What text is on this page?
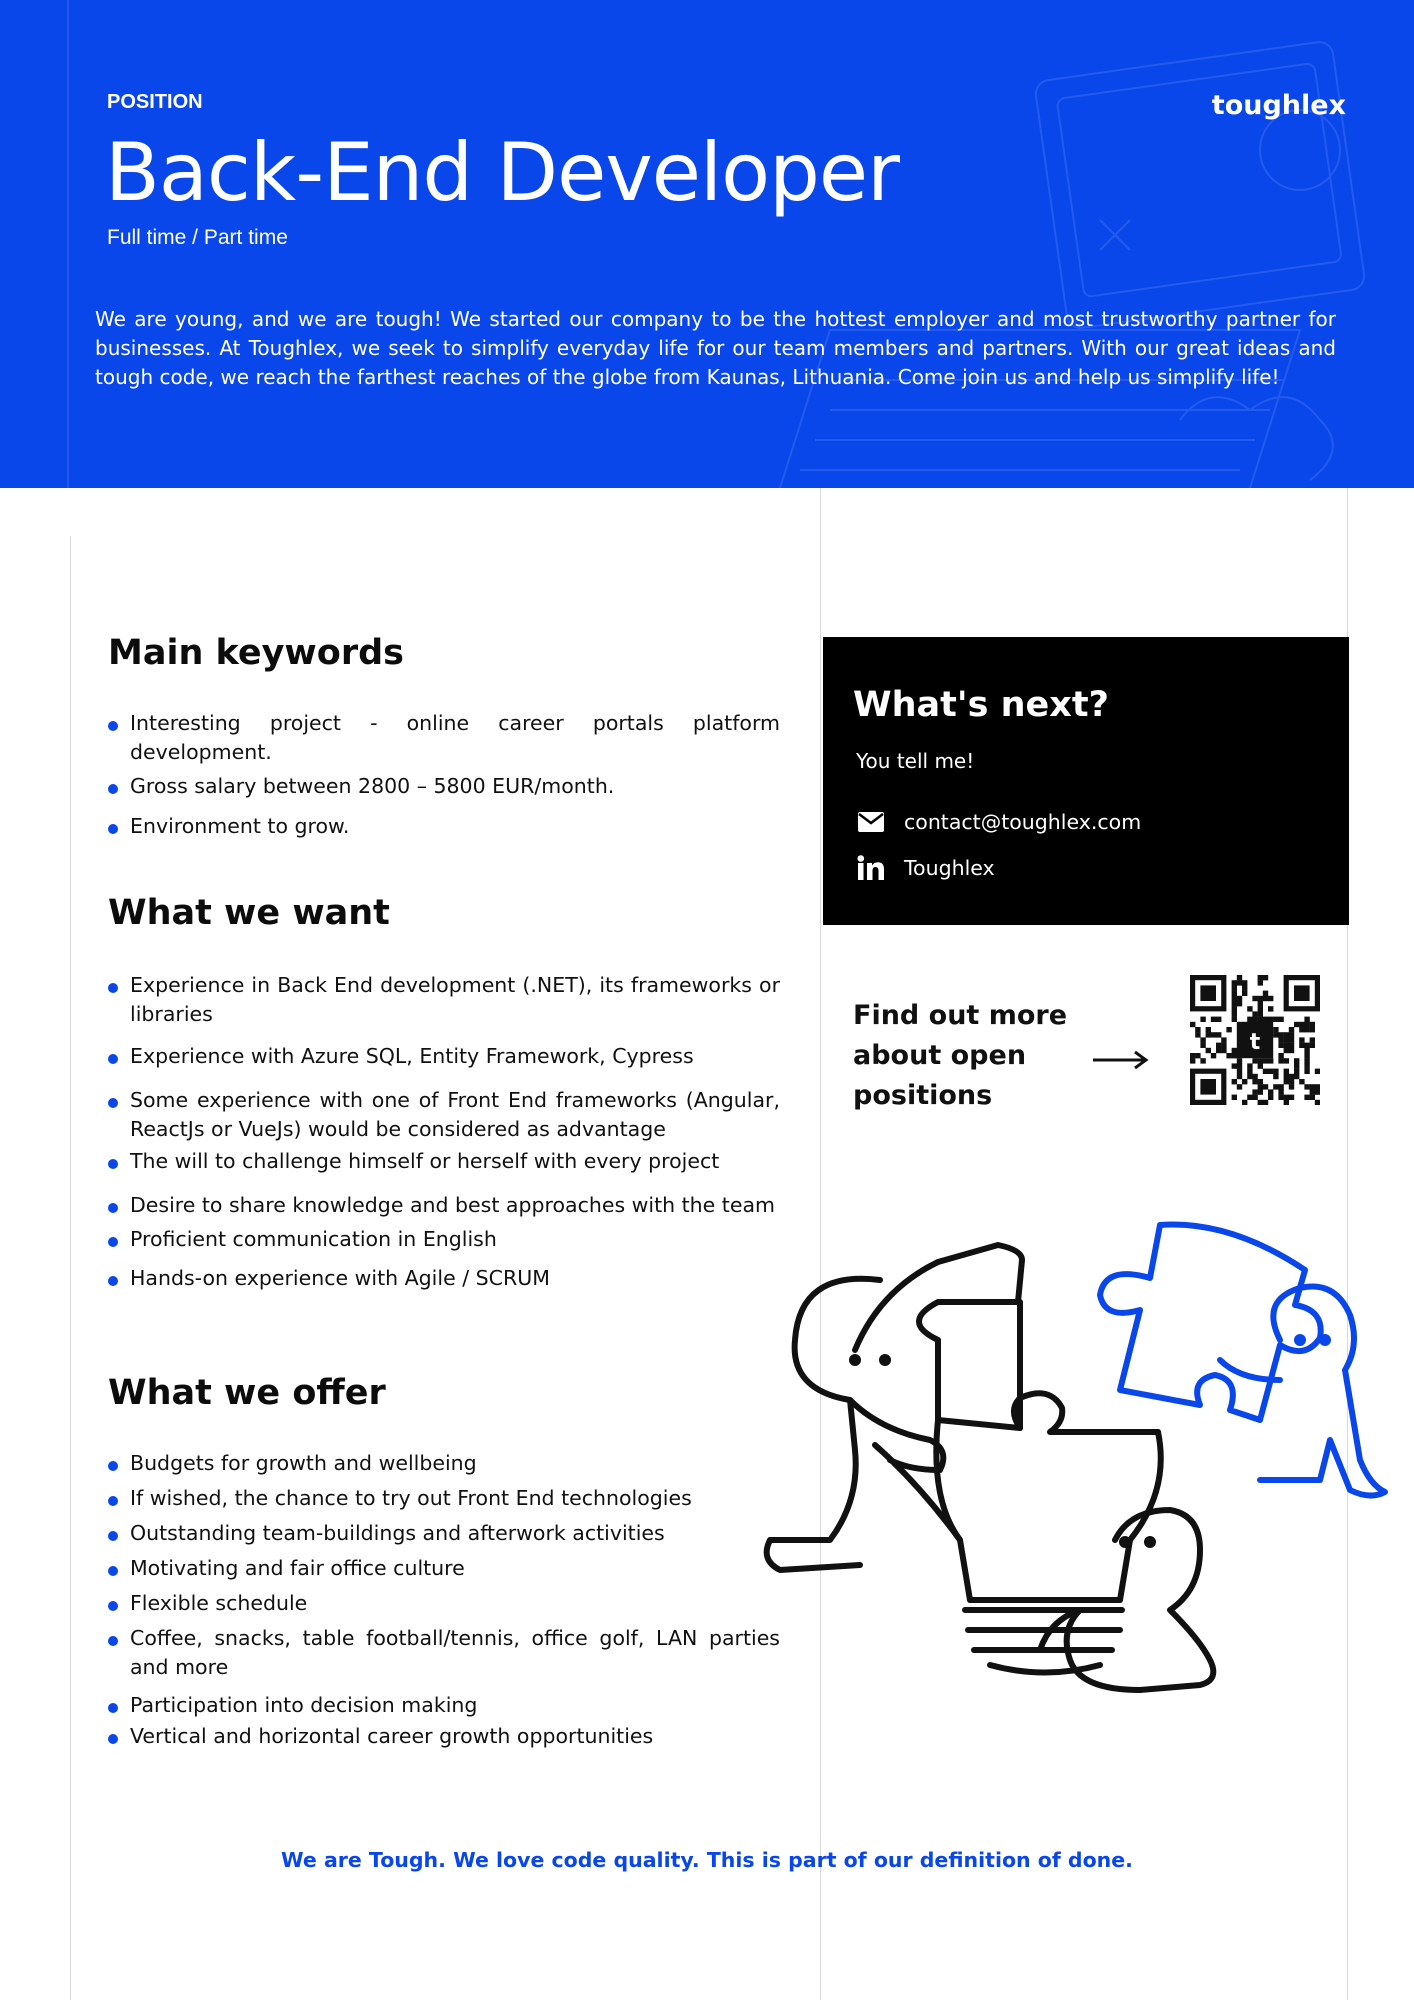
POSITION
Back-End Developer
Full time / Part time
toughlex

We are young, and we are tough! We started our company to be the hottest employer and most trustworthy partner for businesses. At Toughlex, we seek to simplify everyday life for our team members and partners. With our great ideas and tough code, we reach the farthest reaches of the globe from Kaunas, Lithuania. Come join us and help us simplify life!

Main keywords
Interesting project - online career portals platform development.
Gross salary between 2800 – 5800 EUR/month.
Environment to grow.
What we want
Experience in Back End development (.NET), its frameworks or libraries
Experience with Azure SQL, Entity Framework, Cypress
Some experience with one of Front End frameworks (Angular, ReactJs or VueJs) would be considered as advantage
The will to challenge himself or herself with every project
Desire to share knowledge and best approaches with the team
Proficient communication in English
Hands-on experience with Agile / SCRUM
What we offer
Budgets for growth and wellbeing
If wished, the chance to try out Front End technologies
Outstanding team-buildings and afterwork activities
Motivating and fair office culture
Flexible schedule
Coffee, snacks, table football/tennis, office golf, LAN parties and more
Participation into decision making
Vertical and horizontal career growth opportunities
What's next?
You tell me!
contact@toughlex.com
Toughlex

Find out more about open positions

t
We are Tough. We love code quality. This is part of our definition of done.
